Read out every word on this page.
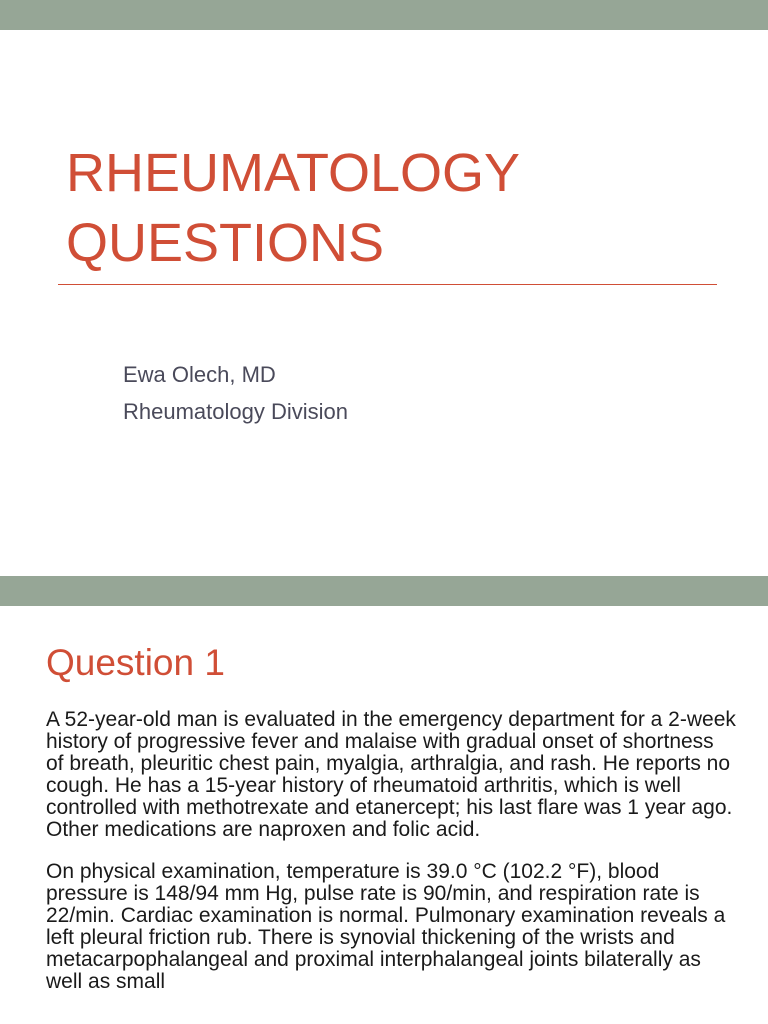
RHEUMATOLOGY
QUESTIONS
Ewa Olech, MD
Rheumatology Division
Question 1

A 52-year-old man is evaluated in the emergency department for a 2-week history of progressive fever and malaise with gradual onset of shortness of breath, pleuritic chest pain, myalgia, arthralgia, and rash. He reports no cough. He has a 15-year history of rheumatoid arthritis, which is well controlled with methotrexate and etanercept; his last flare was 1 year ago. Other medications are naproxen and folic acid.

On physical examination, temperature is 39.0 °C (102.2 °F), blood pressure is 148/94 mm Hg, pulse rate is 90/min, and respiration rate is 22/min. Cardiac examination is normal. Pulmonary examination reveals a left pleural friction rub. There is synovial thickening of the wrists and metacarpophalangeal and proximal interphalangeal joints bilaterally as well as small
